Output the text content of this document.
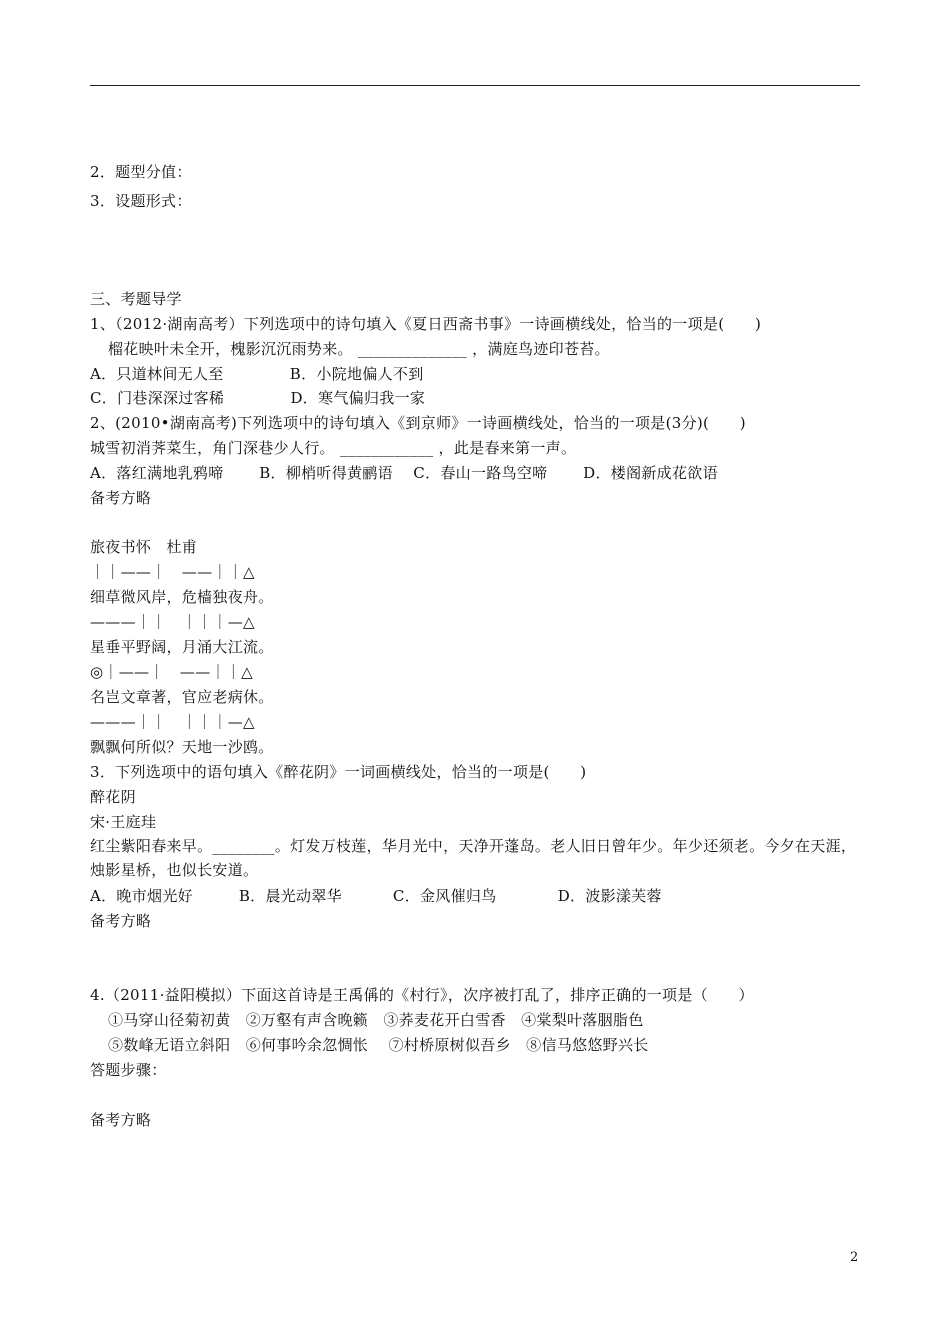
2．题型分值：
3．设题形式：
三、考题导学
1、（2012·湖南高考）下列选项中的诗句填入《夏日西斋书事》一诗画横线处，恰当的一项是(　　)
榴花映叶未全开，槐影沉沉雨势来。 ______________ ，满庭鸟迹印苍苔。
A．只道林间无人至　　　　 B．小院地偏人不到
C．门巷深深过客稀　　　　 D．寒气偏归我一家
2、(2010•湖南高考)下列选项中的诗句填入《到京师》一诗画横线处，恰当的一项是(3分)(　　)
城雪初消荠菜生，角门深巷少人行。 ____________ ，此是春来第一声。
A．落红满地乳鸦啼　　 B．柳梢听得黄鹂语　 C．春山一路鸟空啼　　 D．楼阁新成花欲语
备考方略
旅夜书怀　杜甫
｜｜——｜　——｜｜△
细草微风岸，危樯独夜舟。
———｜｜　｜｜｜—△
星垂平野阔，月涌大江流。
◎｜——｜　——｜｜△
名岂文章著，官应老病休。
———｜｜　｜｜｜—△
飘飘何所似？天地一沙鸥。
3．下列选项中的语句填入《醉花阴》一词画横线处，恰当的一项是(　　)
醉花阴
宋·王庭珪
红尘紫阳春来早。________。灯发万枝莲，华月光中，天净开蓬岛。老人旧日曾年少。年少还须老。今夕在天涯，烛影星桥，也似长安道。
A．晚市烟光好　　　B．晨光动翠华　　　 C．金风催归鸟　　　　D．波影漾芙蓉
备考方略
4.（2011·益阳模拟）下面这首诗是王禹偁的《村行》，次序被打乱了，排序正确的一项是（　　）
①马穿山径菊初黄　②万壑有声含晚籁　③荞麦花开白雪香　④棠梨叶落胭脂色
⑤数峰无语立斜阳　⑥何事吟余忽惆怅　 ⑦村桥原树似吾乡　⑧信马悠悠野兴长
答题步骤：
备考方略
2
